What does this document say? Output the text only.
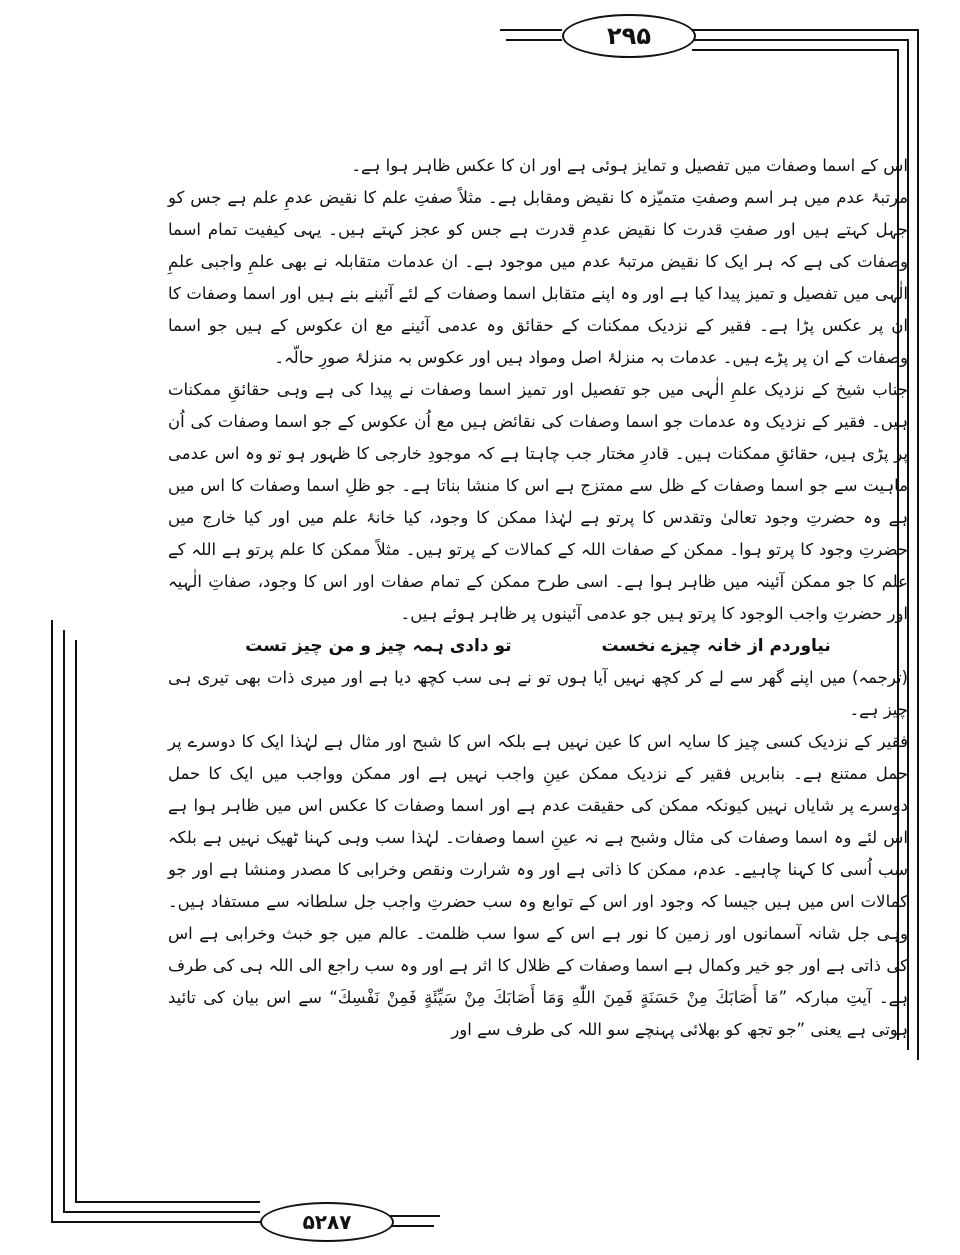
۲۹۵

اس کے اسما وصفات میں تفصیل و تمایز ہوئی ہے اور ان کا عکس ظاہر ہوا ہے۔

مرتبۂ عدم میں ہر اسم وصفتِ متمیّزہ کا نقیض ومقابل ہے۔ مثلاً صفتِ علم کا نقیض عدمِ علم ہے جس کو جہل کہتے ہیں اور صفتِ قدرت کا نقیض عدمِ قدرت ہے جس کو عجز کہتے ہیں۔ یہی کیفیت تمام اسما وصفات کی ہے کہ ہر ایک کا نقیض مرتبۂ عدم میں موجود ہے۔ ان عدمات متقابلہ نے بھی علمِ واجبی علمِ الٰہی میں تفصیل و تمیز پیدا کیا ہے اور وہ اپنے متقابل اسما وصفات کے لئے آئینے بنے ہیں اور اسما وصفات کا ان پر عکس پڑا ہے۔ فقیر کے نزدیک ممکنات کے حقائق وہ عدمی آئینے مع ان عکوس کے ہیں جو اسما وصفات کے ان پر پڑے ہیں۔ عدمات بہ منزلۂ اصل ومواد ہیں اور عکوس بہ منزلۂ صورِ حالّہ۔

جناب شیخ کے نزدیک علمِ الٰہی میں جو تفصیل اور تمیز اسما وصفات نے پیدا کی ہے وہی حقائقِ ممکنات ہیں۔ فقیر کے نزدیک وہ عدمات جو اسما وصفات کی نقائض ہیں مع اُن عکوس کے جو اسما وصفات کی اُن پر پڑی ہیں، حقائقِ ممکنات ہیں۔ قادرِ مختار جب چاہتا ہے کہ موجودِ خارجی کا ظہور ہو تو وہ اس عدمی ماہیت سے جو اسما وصفات کے ظل سے ممتزج ہے اس کا منشا بناتا ہے۔ جو ظلِ اسما وصفات کا اس میں ہے وہ حضرتِ وجود تعالیٰ وتقدس کا پرتو ہے لہٰذا ممکن کا وجود، کیا خانۂ علم میں اور کیا خارج میں حضرتِ وجود کا پرتو ہوا۔ ممکن کے صفات اللہ کے کمالات کے پرتو ہیں۔ مثلاً ممکن کا علم پرتو ہے اللہ کے علم کا جو ممکن آئینہ میں ظاہر ہوا ہے۔ اسی طرح ممکن کے تمام صفات اور اس کا وجود، صفاتِ الٰہیہ اور حضرتِ واجب الوجود کا پرتو ہیں جو عدمی آئینوں پر ظاہر ہوئے ہیں۔

نیاوردم از خانہ چیزے نخست
تو دادی ہمہ چیز و من چیز تست

(ترجمہ) میں اپنے گھر سے لے کر کچھ نہیں آیا ہوں تو نے ہی سب کچھ دیا ہے اور میری ذات بھی تیری ہی چیز ہے۔

فقیر کے نزدیک کسی چیز کا سایہ اس کا عین نہیں ہے بلکہ اس کا شبح اور مثال ہے لہٰذا ایک کا دوسرے پر حمل ممتنع ہے۔ بنابریں فقیر کے نزدیک ممکن عینِ واجب نہیں ہے اور ممکن وواجب میں ایک کا حمل دوسرے پر شایاں نہیں کیونکہ ممکن کی حقیقت عدم ہے اور اسما وصفات کا عکس اس میں ظاہر ہوا ہے اس لئے وہ اسما وصفات کی مثال وشبح ہے نہ عینِ اسما وصفات۔ لہٰذا سب وہی کہنا ٹھیک نہیں ہے بلکہ سب اُسی کا کہنا چاہیے۔ عدم، ممکن کا ذاتی ہے اور وہ شرارت ونقص وخرابی کا مصدر ومنشا ہے اور جو کمالات اس میں ہیں جیسا کہ وجود اور اس کے توابع وہ سب حضرتِ واجب جل سلطانہ سے مستفاد ہیں۔ وہی جل شانہ آسمانوں اور زمین کا نور ہے اس کے سوا سب ظلمت۔ عالم میں جو خبث وخرابی ہے اس کی ذاتی ہے اور جو خیر وکمال ہے اسما وصفات کے ظلال کا اثر ہے اور وہ سب راجع الی اللہ ہی کی طرف ہے۔ آیتِ مبارکہ ”مَا أَصَابَكَ مِنْ حَسَنَةٍ فَمِنَ اللّٰهِ وَمَا أَصَابَكَ مِنْ سَيِّئَةٍ فَمِنْ نَفْسِكَ“ سے اس بیان کی تائید ہوتی ہے یعنی ”جو تجھ کو بھلائی پہنچے سو اللہ کی طرف سے اور

۵۲۸۷
